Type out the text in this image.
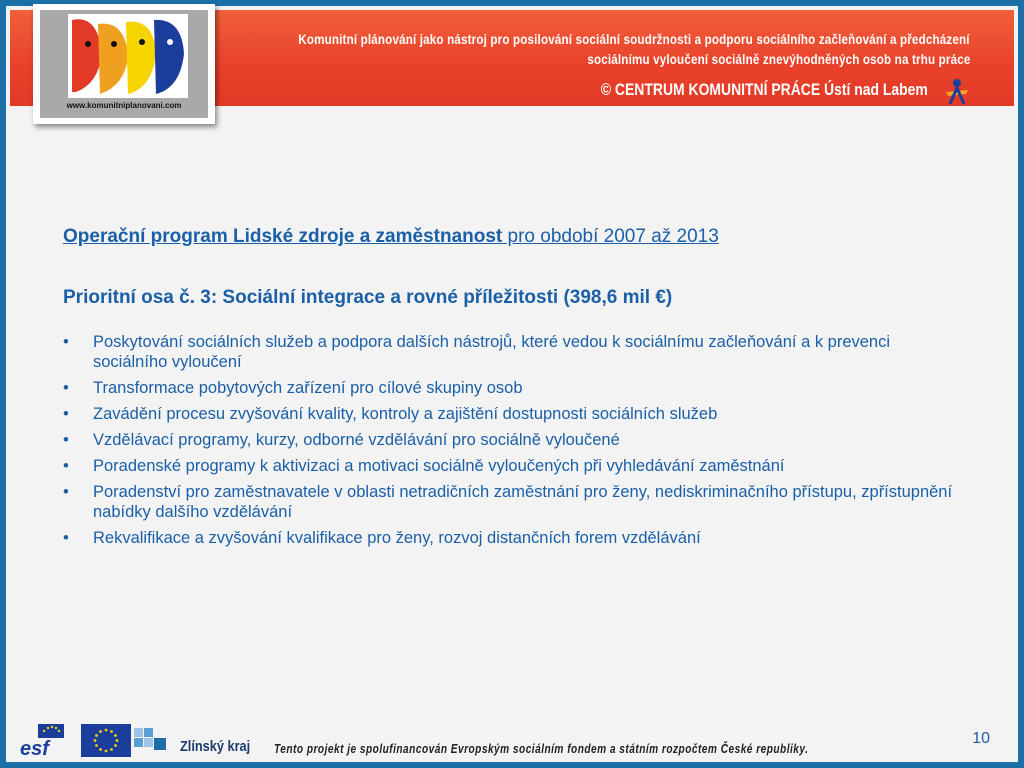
Komunitní plánování jako nástroj pro posilování sociální soudržnosti a podporu sociálního začleňování a předcházení
sociálnímu vyloučení sociálně znevýhodněných osob na trhu práce
© CENTRUM KOMUNITNÍ PRÁCE Ústí nad Labem
www.komunitniplanovani.com
Operační program Lidské zdroje a zaměstnanost pro období 2007 až 2013
Prioritní osa č. 3: Sociální integrace a rovné příležitosti (398,6 mil €)
• Poskytování sociálních služeb a podpora dalších nástrojů, které vedou k sociálnímu začleňování a k prevenci sociálního vyloučení
• Transformace pobytových zařízení pro cílové skupiny osob
• Zavádění procesu zvyšování kvality, kontroly a zajištění dostupnosti sociálních služeb
• Vzdělávací programy, kurzy, odborné vzdělávání pro sociálně vyloučené
• Poradenské programy k aktivizaci a motivaci sociálně vyloučených při vyhledávání zaměstnání
• Poradenství pro zaměstnavatele v oblasti netradičních zaměstnání pro ženy, nediskriminačního přístupu, zpřístupnění nabídky dalšího vzdělávání
• Rekvalifikace a zvyšování kvalifikace pro ženy, rozvoj distančních forem vzdělávání
esf	Zlínský kraj Tento projekt je spolufinancován Evropským sociálním fondem a státním rozpočtem České republiky.
10
